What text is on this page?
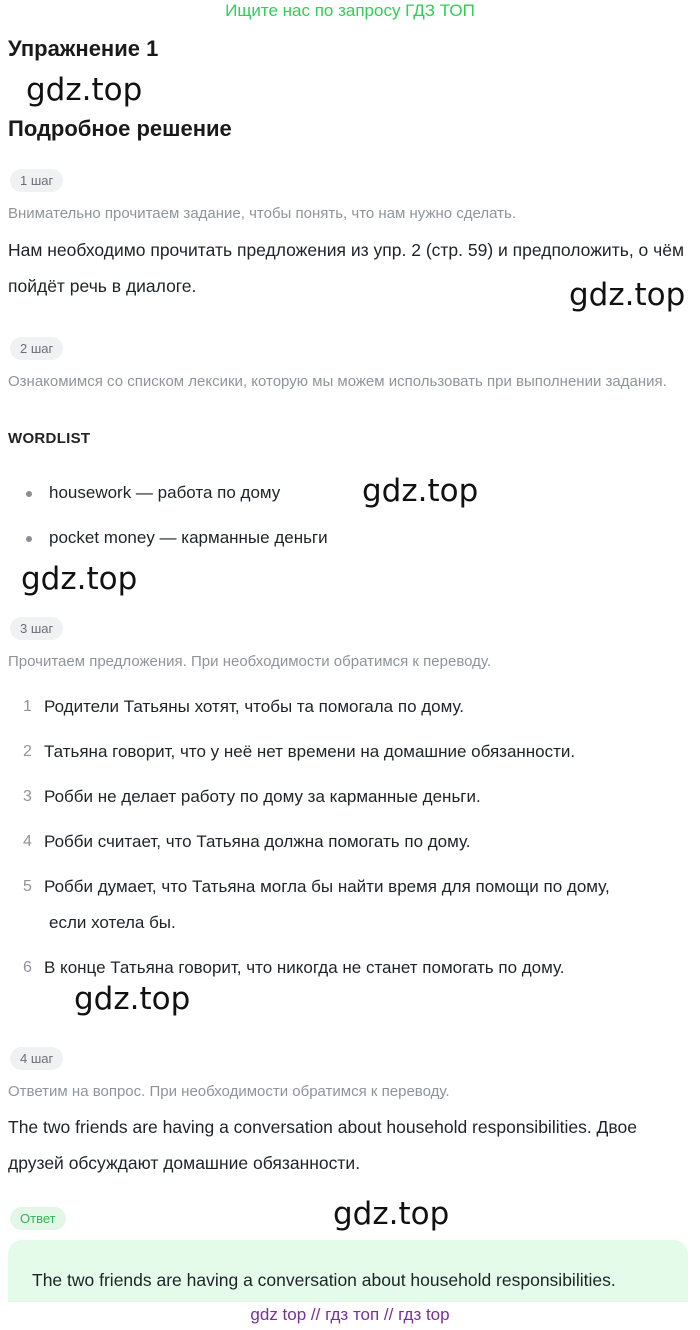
Ищите нас по запросу ГДЗ ТОП
Упражнение 1
gdz.top
Подробное решение
1 шаг
Внимательно прочитаем задание, чтобы понять, что нам нужно сделать.
Нам необходимо прочитать предложения из упр. 2 (стр. 59) и предположить, о чём пойдёт речь в диалоге.	gdz.top
2 шаг
Ознакомимся со списком лексики, которую мы можем использовать при выполнении задания.
WORDLIST
housework — работа по дому	gdz.top
pocket money — карманные деньги
gdz.top
3 шаг
Прочитаем предложения. При необходимости обратимся к переводу.
1 Родители Татьяны хотят, чтобы та помогала по дому.
2 Татьяна говорит, что у неё нет времени на домашние обязанности.
3 Робби не делает работу по дому за карманные деньги.
4 Робби считает, что Татьяна должна помогать по дому.
5 Робби думает, что Татьяна могла бы найти время для помощи по дому,
если хотела бы.
6 В конце Татьяна говорит, что никогда не станет помогать по дому.
gdz.top
4 шаг
Ответим на вопрос. При необходимости обратимся к переводу.
The two friends are having a conversation about household responsibilities. Двое друзей обсуждают домашние обязанности.
Ответ	gdz.top
The two friends are having a conversation about household responsibilities.
gdz top // гдз топ // гдз top
